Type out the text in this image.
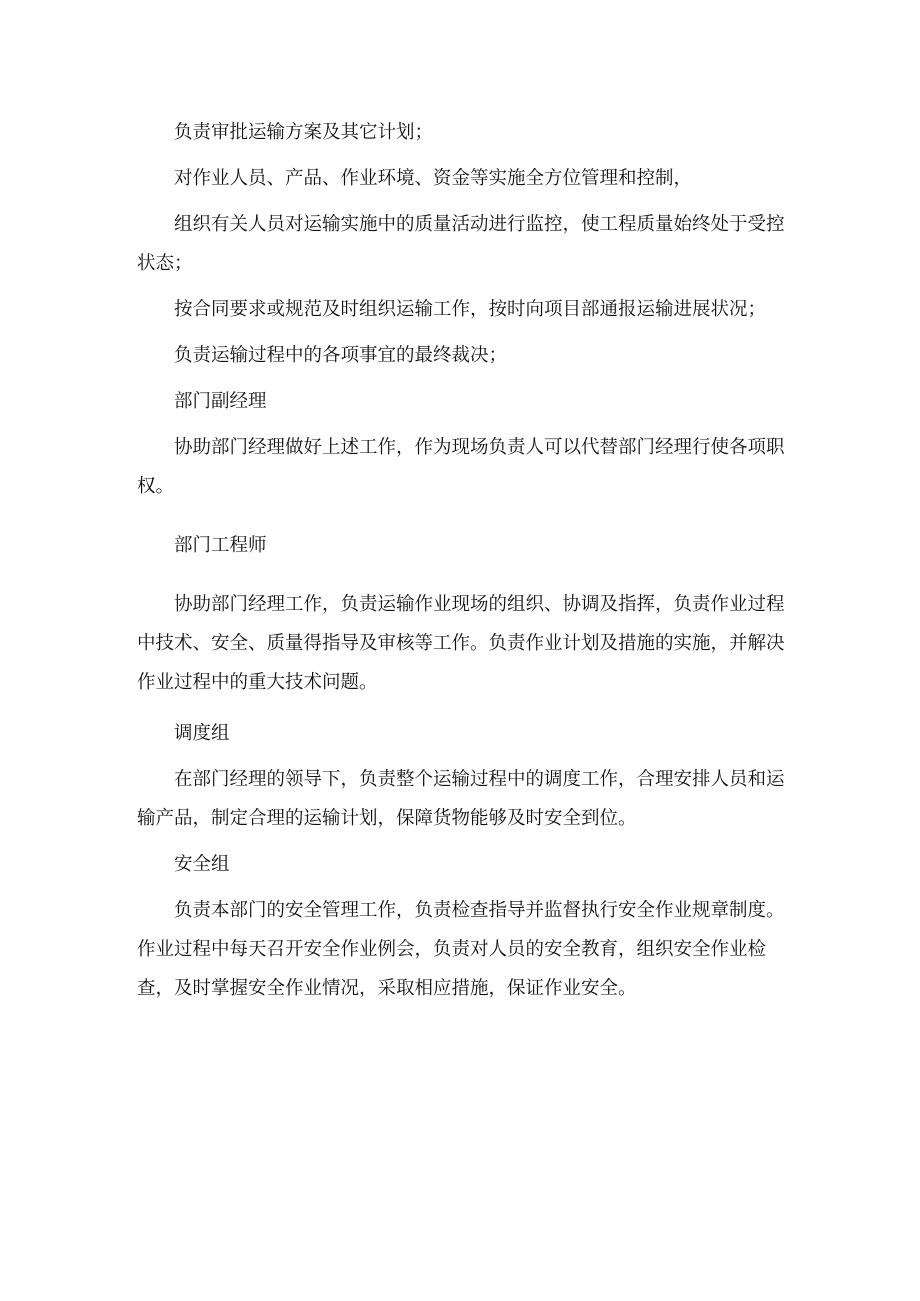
负责审批运输方案及其它计划；

对作业人员、产品、作业环境、资金等实施全方位管理和控制，

组织有关人员对运输实施中的质量活动进行监控，使工程质量始终处于受控状态；

按合同要求或规范及时组织运输工作，按时向项目部通报运输进展状况；

负责运输过程中的各项事宜的最终裁决；

部门副经理

协助部门经理做好上述工作，作为现场负责人可以代替部门经理行使各项职权。

部门工程师

协助部门经理工作，负责运输作业现场的组织、协调及指挥，负责作业过程中技术、安全、质量得指导及审核等工作。负责作业计划及措施的实施，并解决作业过程中的重大技术问题。

调度组

在部门经理的领导下，负责整个运输过程中的调度工作，合理安排人员和运输产品，制定合理的运输计划，保障货物能够及时安全到位。

安全组

负责本部门的安全管理工作，负责检查指导并监督执行安全作业规章制度。作业过程中每天召开安全作业例会，负责对人员的安全教育，组织安全作业检查，及时掌握安全作业情况，采取相应措施，保证作业安全。
